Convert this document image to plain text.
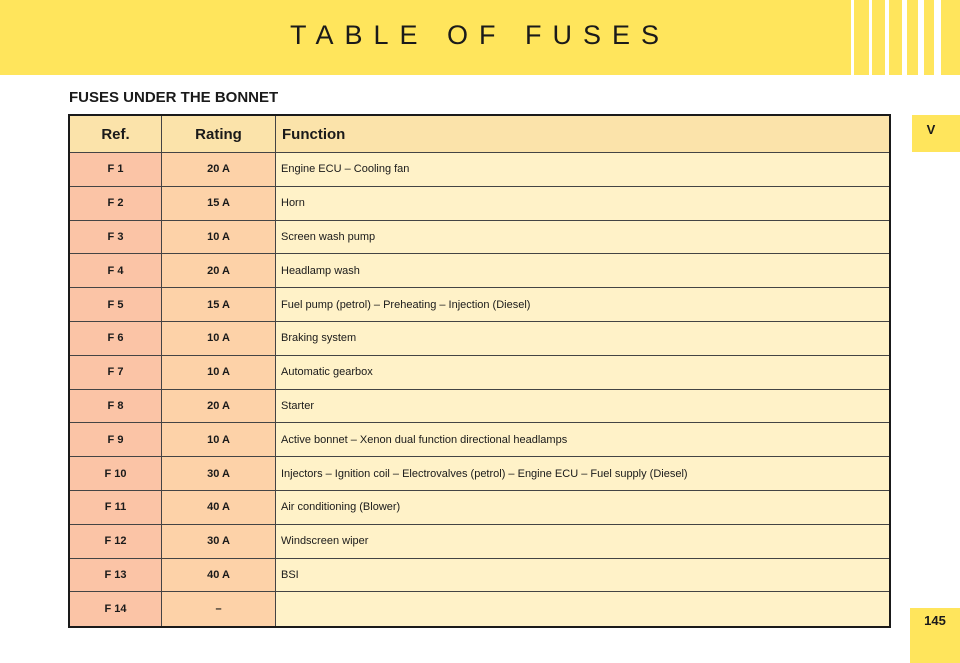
TABLE OF FUSES
FUSES UNDER THE BONNET
V
Ref.	Rating	Function
F 1	20 A	Engine ECU – Cooling fan
F 2	15 A	Horn
F 3	10 A	Screen wash pump
F 4	20 A	Headlamp wash
F 5	15 A	Fuel pump (petrol) – Preheating – Injection (Diesel)
F 6	10 A	Braking system
F 7	10 A	Automatic gearbox
F 8	20 A	Starter
F 9	10 A	Active bonnet – Xenon dual function directional headlamps
F 10	30 A	Injectors – Ignition coil – Electrovalves (petrol) – Engine ECU – Fuel supply (Diesel)
F 11	40 A	Air conditioning (Blower)
F 12	30 A	Windscreen wiper
F 13	40 A	BSI
F 14	–	
145
